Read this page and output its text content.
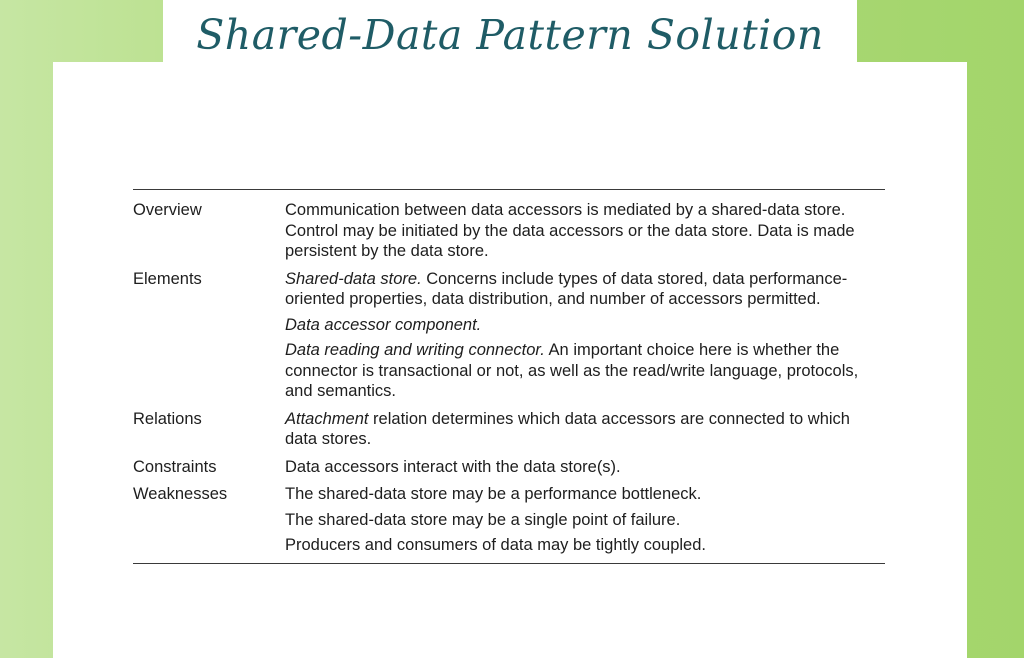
Shared-Data Pattern Solution
Overview	Communication between data accessors is mediated by a shared-data store. Control may be initiated by the data accessors or the data store. Data is made persistent by the data store.

Elements	Shared-data store. Concerns include types of data stored, data performance-oriented properties, data distribution, and number of accessors permitted.

Data accessor component.

Data reading and writing connector. An important choice here is whether the connector is transactional or not, as well as the read/write language, protocols, and semantics.

Relations	Attachment relation determines which data accessors are connected to which data stores.

Constraints	Data accessors interact with the data store(s).

Weaknesses	The shared-data store may be a performance bottleneck.

The shared-data store may be a single point of failure.

Producers and consumers of data may be tightly coupled.
